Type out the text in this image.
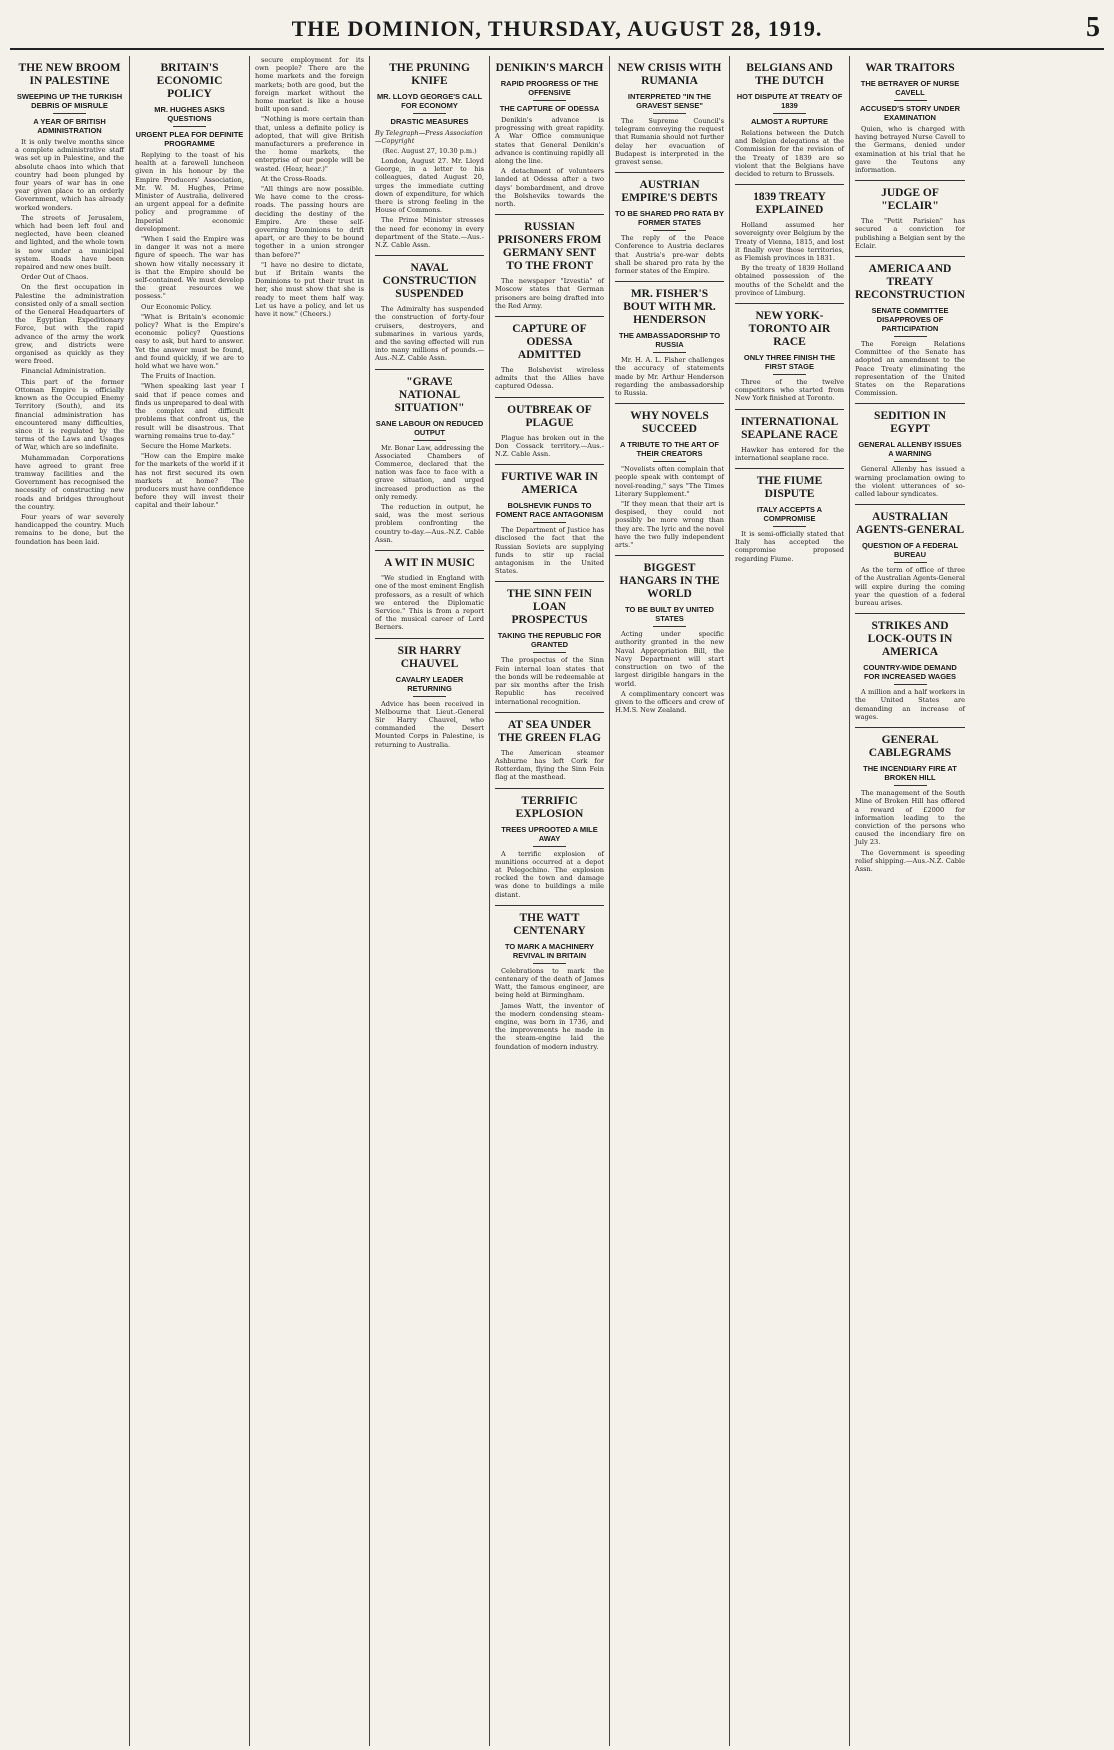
THE DOMINION, THURSDAY, AUGUST 28, 1919.	5
THE NEW BROOM IN PALESTINE
SWEEPING UP THE TURKISH DEBRIS OF MISRULE
A YEAR OF BRITISH ADMINISTRATION

It is only twelve months since a complete administrative staff was set up in Palestine, and the absolute chaos into which that country had been plunged by four years of war has in one year given place to an orderly Government, which has already worked wonders.

The streets of Jerusalem, which had been left foul and neglected, have been cleaned and lighted, and the whole town is now under a municipal system. Roads have been repaired and new ones built.

Order Out of Chaos.

On the first occupation in Palestine the administration consisted only of a small section of the General Headquarters of the Egyptian Expeditionary Force, but with the rapid advance of the army the work grew, and districts were organised as quickly as they were freed.

Financial Administration.

This part of the former Ottoman Empire is officially known as the Occupied Enemy Territory (South), and its financial administration has encountered many difficulties, since it is regulated by the terms of the Laws and Usages of War, which are so indefinite.

Muhammadan Corporations have agreed to grant free tramway facilities and the Government has recognised the necessity of constructing new roads and bridges throughout the country.

Four years of war severely handicapped the country. Much remains to be done, but the foundation has been laid.

BRITAIN'S ECONOMIC POLICY
MR. HUGHES ASKS QUESTIONS
URGENT PLEA FOR DEFINITE PROGRAMME

Replying to the toast of his health at a farewell luncheon given in his honour by the Empire Producers' Association, Mr. W. M. Hughes, Prime Minister of Australia, delivered an urgent appeal for a definite policy and programme of Imperial economic development.

"When I said the Empire was in danger it was not a mere figure of speech. The war has shown how vitally necessary it is that the Empire should be self-contained. We must develop the great resources we possess."

Our Economic Policy.

"What is Britain's economic policy? What is the Empire's economic policy? Questions easy to ask, but hard to answer. Yet the answer must be found, and found quickly, if we are to hold what we have won."

The Fruits of Inaction.

"When speaking last year I said that if peace comes and finds us unprepared to deal with the complex and difficult problems that confront us, the result will be disastrous. That warning remains true to-day."

Secure the Home Markets.

"How can the Empire make for the markets of the world if it has not first secured its own markets at home? The producers must have confidence before they will invest their capital and their labour."

secure employment for its own people? There are the home markets and the foreign markets; both are good, but the foreign market without the home market is like a house built upon sand.

"Nothing is more certain than that, unless a definite policy is adopted, that will give British manufacturers a preference in the home markets, the enterprise of our people will be wasted. (Hear, hear.)"

At the Cross-Roads.

"All things are now possible. We have come to the cross-roads. The passing hours are deciding the destiny of the Empire. Are these self-governing Dominions to drift apart, or are they to be bound together in a union stronger than before?"

"I have no desire to dictate, but if Britain wants the Dominions to put their trust in her, she must show that she is ready to meet them half way. Let us have a policy, and let us have it now." (Cheers.)

THE PRUNING KNIFE
MR. LLOYD GEORGE'S CALL FOR ECONOMY
DRASTIC MEASURES
By Telegraph—Press Association—Copyright
(Rec. August 27, 10.30 p.m.)

London, August 27. Mr. Lloyd George, in a letter to his colleagues, dated August 20, urges the immediate cutting down of expenditure, for which there is strong feeling in the House of Commons.

The Prime Minister stresses the need for economy in every department of the State.—Aus.-N.Z. Cable Assn.

NAVAL CONSTRUCTION SUSPENDED

The Admiralty has suspended the construction of forty-four cruisers, destroyers, and submarines in various yards, and the saving effected will run into many millions of pounds.—Aus.-N.Z. Cable Assn.

"GRAVE NATIONAL SITUATION"
SANE LABOUR ON REDUCED OUTPUT

Mr. Bonar Law, addressing the Associated Chambers of Commerce, declared that the nation was face to face with a grave situation, and urged increased production as the only remedy.

The reduction in output, he said, was the most serious problem confronting the country to-day.—Aus.-N.Z. Cable Assn.

A WIT IN MUSIC

"We studied in England with one of the most eminent English professors, as a result of which we entered the Diplomatic Service." This is from a report of the musical career of Lord Berners.

SIR HARRY CHAUVEL
CAVALRY LEADER RETURNING

Advice has been received in Melbourne that Lieut.-General Sir Harry Chauvel, who commanded the Desert Mounted Corps in Palestine, is returning to Australia.

DENIKIN'S MARCH
RAPID PROGRESS OF THE OFFENSIVE
THE CAPTURE OF ODESSA

Denikin's advance is progressing with great rapidity. A War Office communique states that General Denikin's advance is continuing rapidly all along the line.

A detachment of volunteers landed at Odessa after a two days' bombardment, and drove the Bolsheviks towards the north.

RUSSIAN PRISONERS FROM GERMANY SENT TO THE FRONT

The newspaper "Izvestia" of Moscow states that German prisoners are being drafted into the Red Army.

CAPTURE OF ODESSA ADMITTED

The Bolshevist wireless admits that the Allies have captured Odessa.

OUTBREAK OF PLAGUE

Plague has broken out in the Don Cossack territory.—Aus.-N.Z. Cable Assn.

FURTIVE WAR IN AMERICA
BOLSHEVIK FUNDS TO FOMENT RACE ANTAGONISM

The Department of Justice has disclosed the fact that the Russian Soviets are supplying funds to stir up racial antagonism in the United States.

THE SINN FEIN LOAN PROSPECTUS
TAKING THE REPUBLIC FOR GRANTED

The prospectus of the Sinn Fein internal loan states that the bonds will be redeemable at par six months after the Irish Republic has received international recognition.

AT SEA UNDER THE GREEN FLAG

The American steamer Ashburne has left Cork for Rotterdam, flying the Sinn Fein flag at the masthead.

TERRIFIC EXPLOSION
TREES UPROOTED A MILE AWAY

A terrific explosion of munitions occurred at a depot at Pelegochino. The explosion rocked the town and damage was done to buildings a mile distant.

THE WATT CENTENARY
TO MARK A MACHINERY REVIVAL IN BRITAIN

Celebrations to mark the centenary of the death of James Watt, the famous engineer, are being held at Birmingham.

James Watt, the inventor of the modern condensing steam-engine, was born in 1736, and the improvements he made in the steam-engine laid the foundation of modern industry.

NEW CRISIS WITH RUMANIA
INTERPRETED "IN THE GRAVEST SENSE"

The Supreme Council's telegram conveying the request that Rumania should not further delay her evacuation of Budapest is interpreted in the gravest sense.

AUSTRIAN EMPIRE'S DEBTS
TO BE SHARED PRO RATA BY FORMER STATES

The reply of the Peace Conference to Austria declares that Austria's pre-war debts shall be shared pro rata by the former states of the Empire.

MR. FISHER'S BOUT WITH MR. HENDERSON
THE AMBASSADORSHIP TO RUSSIA

Mr. H. A. L. Fisher challenges the accuracy of statements made by Mr. Arthur Henderson regarding the ambassadorship to Russia.

WHY NOVELS SUCCEED
A TRIBUTE TO THE ART OF THEIR CREATORS

"Novelists often complain that people speak with contempt of novel-reading," says "The Times Literary Supplement."

"If they mean that their art is despised, they could not possibly be more wrong than they are. The lyric and the novel have the two fully independent arts."

BIGGEST HANGARS IN THE WORLD
TO BE BUILT BY UNITED STATES

Acting under specific authority granted in the new Naval Appropriation Bill, the Navy Department will start construction on two of the largest dirigible hangars in the world.

A complimentary concert was given to the officers and crew of H.M.S. New Zealand.

BELGIANS AND THE DUTCH
HOT DISPUTE AT TREATY OF 1839
ALMOST A RUPTURE

Relations between the Dutch and Belgian delegations at the Commission for the revision of the Treaty of 1839 are so violent that the Belgians have decided to return to Brussels.

1839 TREATY EXPLAINED

Holland assumed her sovereignty over Belgium by the Treaty of Vienna, 1815, and lost it finally over those territories, as Flemish provinces in 1831.

By the treaty of 1839 Holland obtained possession of the mouths of the Scheldt and the province of Limburg.

NEW YORK-TORONTO AIR RACE
ONLY THREE FINISH THE FIRST STAGE

Three of the twelve competitors who started from New York finished at Toronto.

INTERNATIONAL SEAPLANE RACE

Hawker has entered for the international seaplane race.

THE FIUME DISPUTE
ITALY ACCEPTS A COMPROMISE

It is semi-officially stated that Italy has accepted the compromise proposed regarding Fiume.

WAR TRAITORS
THE BETRAYER OF NURSE CAVELL
ACCUSED'S STORY UNDER EXAMINATION

Quien, who is charged with having betrayed Nurse Cavell to the Germans, denied under examination at his trial that he gave the Teutons any information.

JUDGE OF "ECLAIR"

The "Petit Parisien" has secured a conviction for publishing a Belgian sent by the Eclair.

AMERICA AND TREATY RECONSTRUCTION
SENATE COMMITTEE DISAPPROVES OF PARTICIPATION

The Foreign Relations Committee of the Senate has adopted an amendment to the Peace Treaty eliminating the representation of the United States on the Reparations Commission.

SEDITION IN EGYPT
GENERAL ALLENBY ISSUES A WARNING

General Allenby has issued a warning proclamation owing to the violent utterances of so-called labour syndicates.

AUSTRALIAN AGENTS-GENERAL
QUESTION OF A FEDERAL BUREAU

As the term of office of three of the Australian Agents-General will expire during the coming year the question of a federal bureau arises.

STRIKES AND LOCK-OUTS IN AMERICA
COUNTRY-WIDE DEMAND FOR INCREASED WAGES

A million and a half workers in the United States are demanding an increase of wages.

GENERAL CABLEGRAMS
THE INCENDIARY FIRE AT BROKEN HILL

The management of the South Mine of Broken Hill has offered a reward of £2000 for information leading to the conviction of the persons who caused the incendiary fire on July 23.

The Government is speeding relief shipping.—Aus.-N.Z. Cable Assn.
